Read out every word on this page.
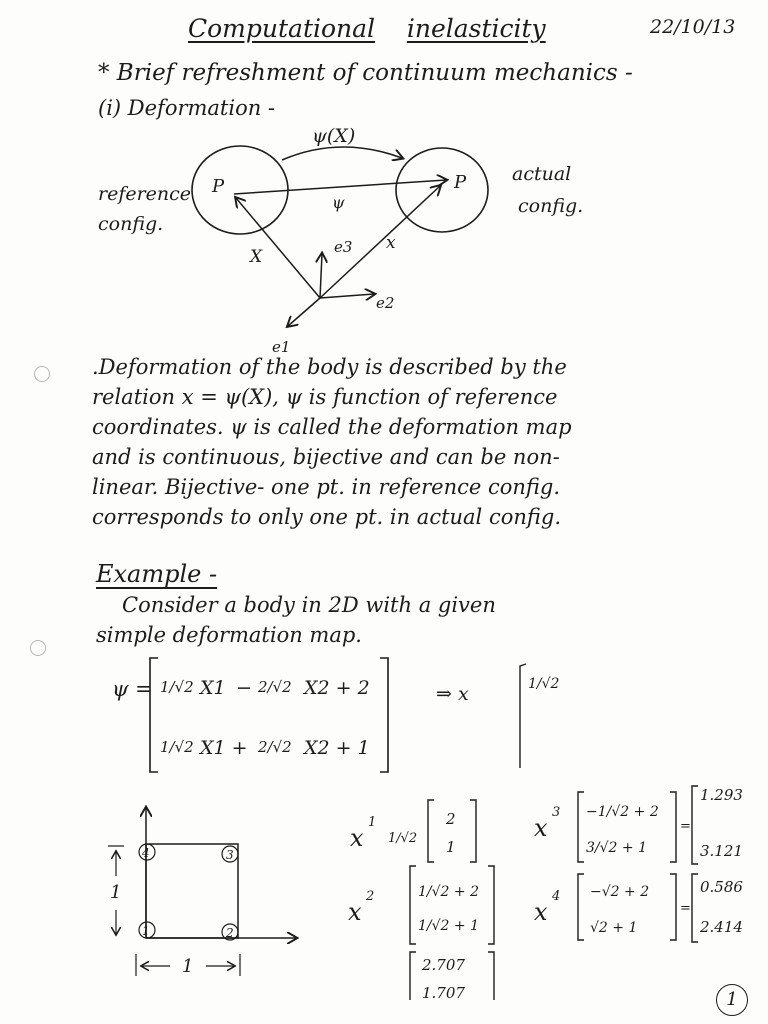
Computational inelasticity	22/10/13
* Brief refreshment of continuum mechanics -
(i) Deformation -
ψ(X)
ψ
P	P
reference
config.
actual
config.
X
x
e3
e2
e1
.Deformation of the body is described by the
relation x = ψ(X), ψ is function of reference
coordinates. ψ is called the deformation map
and is continuous, bijective and can be non-
linear. Bijective- one pt. in reference config.
corresponds to only one pt. in actual config.
Example -
Consider a body in 2D with a given
simple deformation map.
ψ = 1/√2 X1 − 2/√2 X2 + 2
1/√2 X1 + 2/√2 X2 + 1
⇒ x	1/√2
1	2
3
4
1
1
x
1
1/√2
2
1
x
2	1/√2 + 2
1/√2 + 1
2.707
1.707
x
3 −1/√2 + 2
3/√2 + 1
=
1.293
3.121
x
4 −√2 + 2
√2 + 1
=
0.586
2.414
1
